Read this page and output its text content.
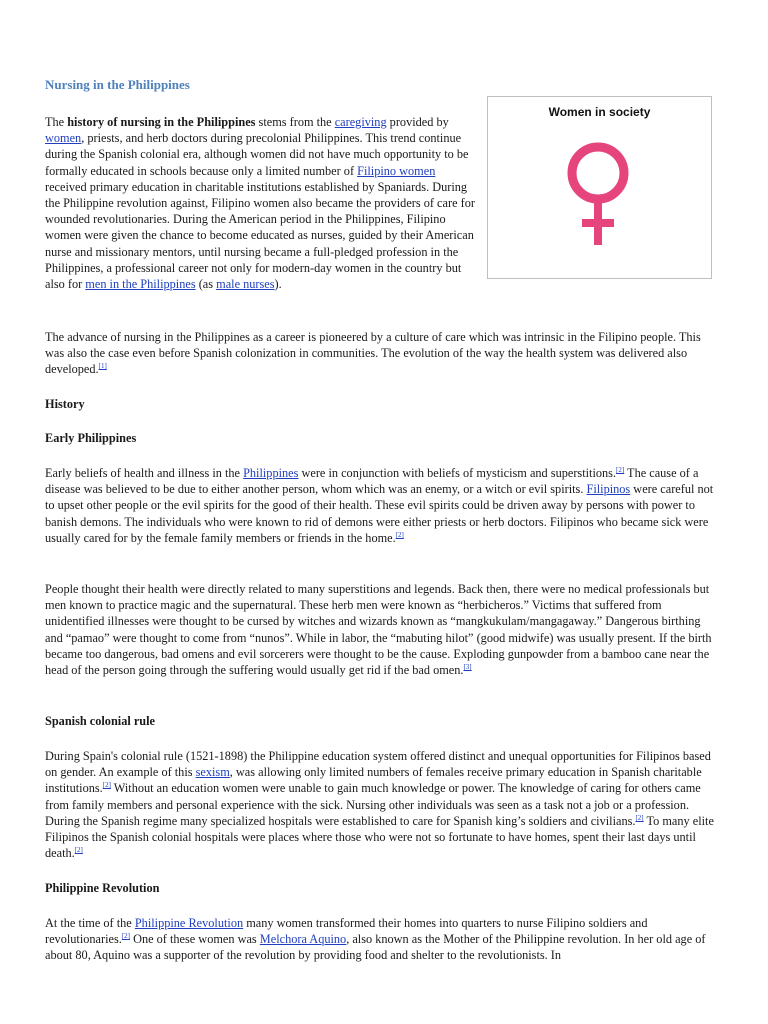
Nursing in the Philippines
Women in society

The history of nursing in the Philippines stems from the caregiving provided by women, priests, and herb doctors during precolonial Philippines. This trend continue during the Spanish colonial era, although women did not have much opportunity to be formally educated in schools because only a limited number of Filipino women received primary education in charitable institutions established by Spaniards. During the Philippine revolution against, Filipino women also became the providers of care for wounded revolutionaries. During the American period in the Philippines, Filipino women were given the chance to become educated as nurses, guided by their American nurse and missionary mentors, until nursing became a full-pledged profession in the Philippines, a professional career not only for modern-day women in the country but also for men in the Philippines (as male nurses).

The advance of nursing in the Philippines as a career is pioneered by a culture of care which was intrinsic in the Filipino people. This was also the case even before Spanish colonization in communities. The evolution of the way the health system was delivered also developed.[1]

History
Early Philippines

Early beliefs of health and illness in the Philippines were in conjunction with beliefs of mysticism and superstitions.[2] The cause of a disease was believed to be due to either another person, whom which was an enemy, or a witch or evil spirits. Filipinos were careful not to upset other people or the evil spirits for the good of their health. These evil spirits could be driven away by persons with power to banish demons. The individuals who were known to rid of demons were either priests or herb doctors. Filipinos who became sick were usually cared for by the female family members or friends in the home.[2]

People thought their health were directly related to many superstitions and legends. Back then, there were no medical professionals but men known to practice magic and the supernatural. These herb men were known as “herbicheros.” Victims that suffered from unidentified illnesses were thought to be cursed by witches and wizards known as “mangkukulam/mangagaway.” Dangerous birthing and “pamao” were thought to come from “nunos”. While in labor, the “mabuting hilot” (good midwife) was usually present. If the birth became too dangerous, bad omens and evil sorcerers were thought to be the cause. Exploding gunpowder from a bamboo cane near the head of the person going through the suffering would usually get rid if the bad omen.[3]

Spanish colonial rule

During Spain's colonial rule (1521-1898) the Philippine education system offered distinct and unequal opportunities for Filipinos based on gender. An example of this sexism, was allowing only limited numbers of females receive primary education in Spanish charitable institutions.[2] Without an education women were unable to gain much knowledge or power. The knowledge of caring for others came from family members and personal experience with the sick. Nursing other individuals was seen as a task not a job or a profession. During the Spanish regime many specialized hospitals were established to care for Spanish king’s soldiers and civilians.[2] To many elite Filipinos the Spanish colonial hospitals were places where those who were not so fortunate to have homes, spent their last days until death.[2]

Philippine Revolution

At the time of the Philippine Revolution many women transformed their homes into quarters to nurse Filipino soldiers and revolutionaries.[2] One of these women was Melchora Aquino, also known as the Mother of the Philippine revolution. In her old age of about 80, Aquino was a supporter of the revolution by providing food and shelter to the revolutionists. In
